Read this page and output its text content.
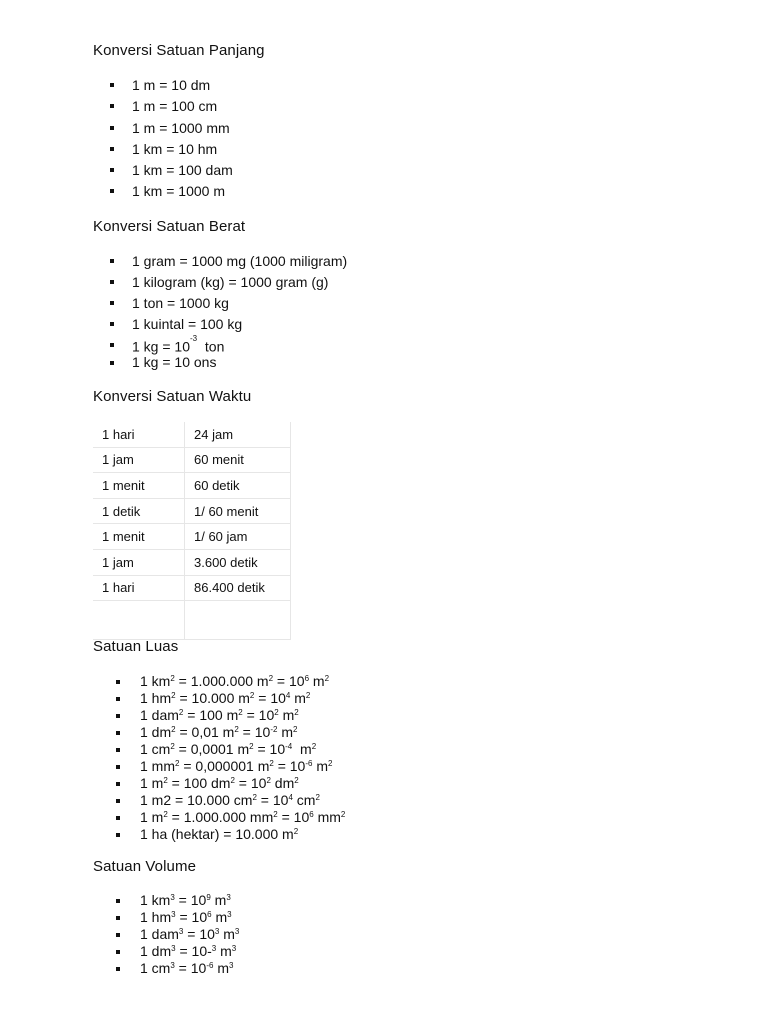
Konversi Satuan Panjang
1 m = 10 dm
1 m = 100 cm
1 m = 1000 mm
1 km = 10 hm
1 km = 100 dam
1 km = 1000 m
Konversi Satuan Berat
1 gram = 1000 mg (1000 miligram)
1 kilogram (kg) = 1000 gram (g)
1 ton = 1000 kg
1 kuintal = 100 kg
1 kg = $10^{-3}$  ton
1 kg = 10 ons
Konversi Satuan Waktu
1 hari	24 jam
1 jam	60 menit
1 menit	60 detik
1 detik	1/ 60 menit
1 menit	1/ 60 jam
1 jam	3.600 detik
1 hari	86.400 detik

Satuan Luas
1 $km^2 = 1.000.000$ $m^2 = 10^6$ $m^2$
1 $hm^2 = 10.000$ $m^2 = 10^4$ $m^2$
1 dam$^2$ = 100 $m^2 = 10^2$ $m^2$
1 $dm^2 = 0,01$ $m^2 = 10^{-2}$ $m^2$
1 $cm^2 = 0,0001$ $m^2 = 10^{-4}$  $m^2$
1 $mm^2 = 0,000001$ $m^2 = 10^{-6}$ $m^2$
1 $m^2 = 100$ $dm^2 = 10^2$ $dm^2$
1 m2 = 10.000 $cm^2 = 10^4$ $cm^2$
1 $m^2 = 1.000.000$ $mm^2 = 10^6$ $mm^2$
1 ha (hektar) = 10.000 $m^2$
Satuan Volume
1 $km^3 = 10^9$ $m^3$
1 $hm^3 = 10^6$ $m^3$
1 $dam^3 = 10^3$ $m^3$
1 $dm^3 = 10-^3$ $m^3$
1 $cm^3 = 10^{-6}$ $m^3$
